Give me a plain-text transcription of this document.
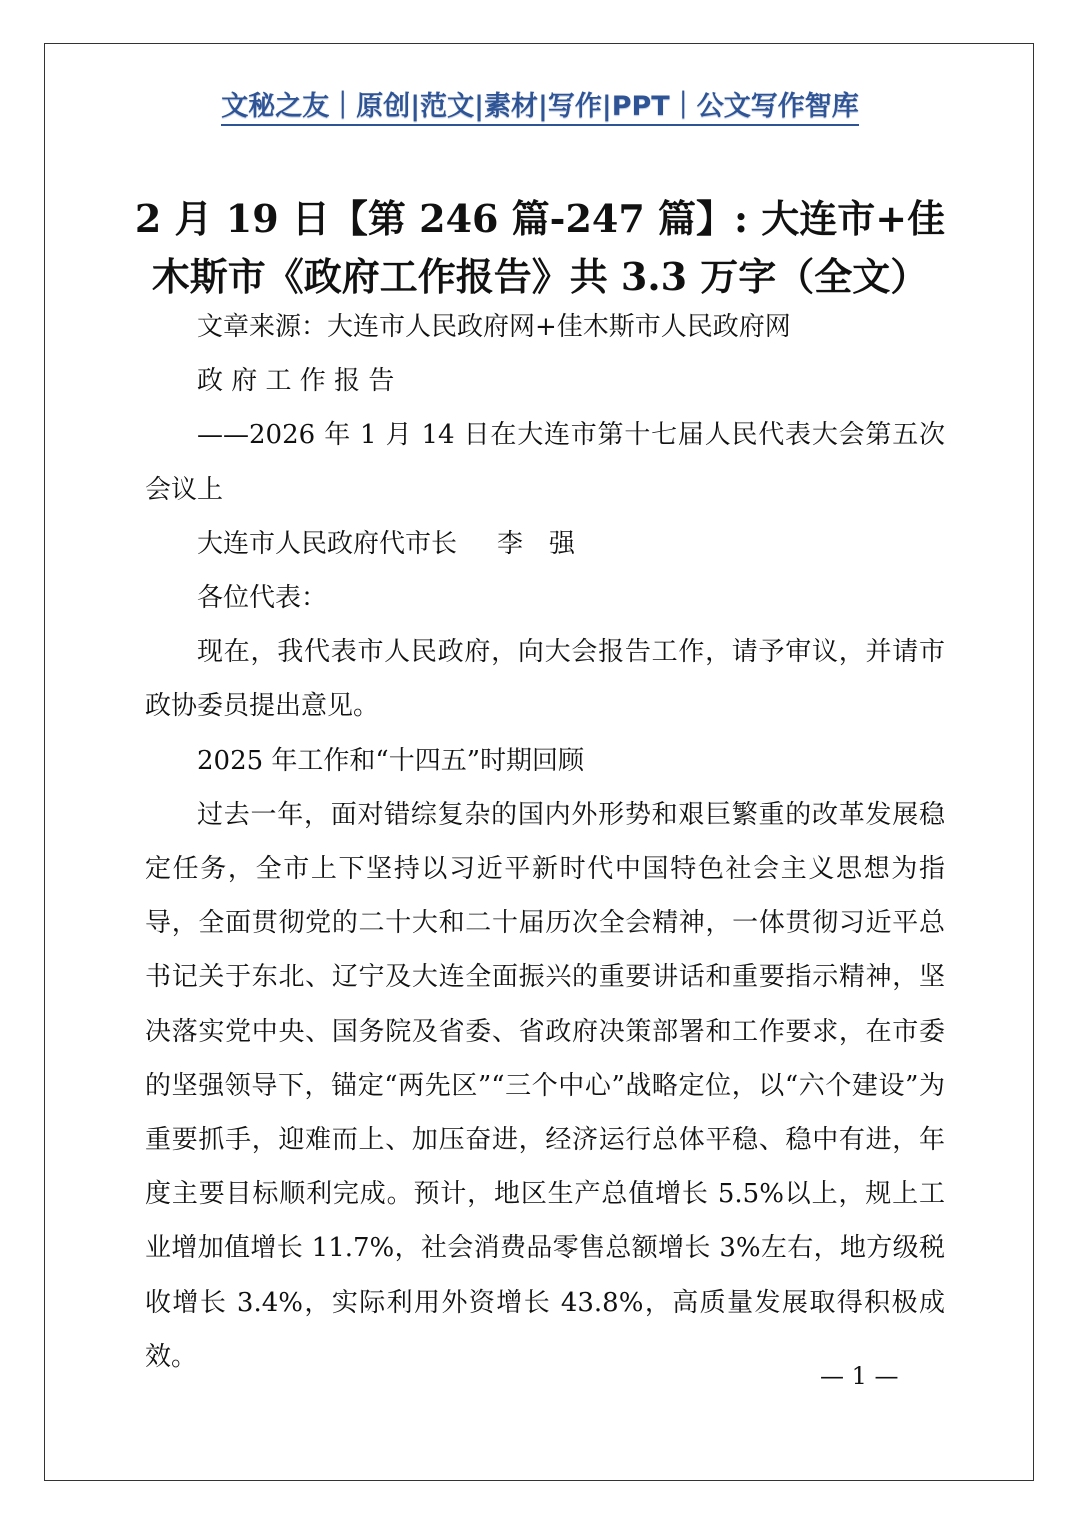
文秘之友｜原创|范文|素材|写作|PPT｜公文写作智库
2 月 19 日【第 246 篇-247 篇】: 大连市+佳木斯市《政府工作报告》共 3.3 万字（全文）

文章来源：大连市人民政府网+佳木斯市人民政府网

政 府 工 作 报 告

——2026 年 1 月 14 日在大连市第十七届人民代表大会第五次会议上

大连市人民政府代市长 李　强

各位代表：

现在，我代表市人民政府，向大会报告工作，请予审议，并请市政协委员提出意见。

2025 年工作和“十四五”时期回顾

过去一年，面对错综复杂的国内外形势和艰巨繁重的改革发展稳定任务，全市上下坚持以习近平新时代中国特色社会主义思想为指导，全面贯彻党的二十大和二十届历次全会精神，一体贯彻习近平总书记关于东北、辽宁及大连全面振兴的重要讲话和重要指示精神，坚决落实党中央、国务院及省委、省政府决策部署和工作要求，在市委的坚强领导下，锚定“两先区”“三个中心”战略定位，以“六个建设”为重要抓手，迎难而上、加压奋进，经济运行总体平稳、稳中有进，年度主要目标顺利完成。预计，地区生产总值增长 5.5%以上，规上工业增加值增长 11.7%，社会消费品零售总额增长 3%左右，地方级税收增长 3.4%，实际利用外资增长 43.8%，高质量发展取得积极成效。

— 1 —
